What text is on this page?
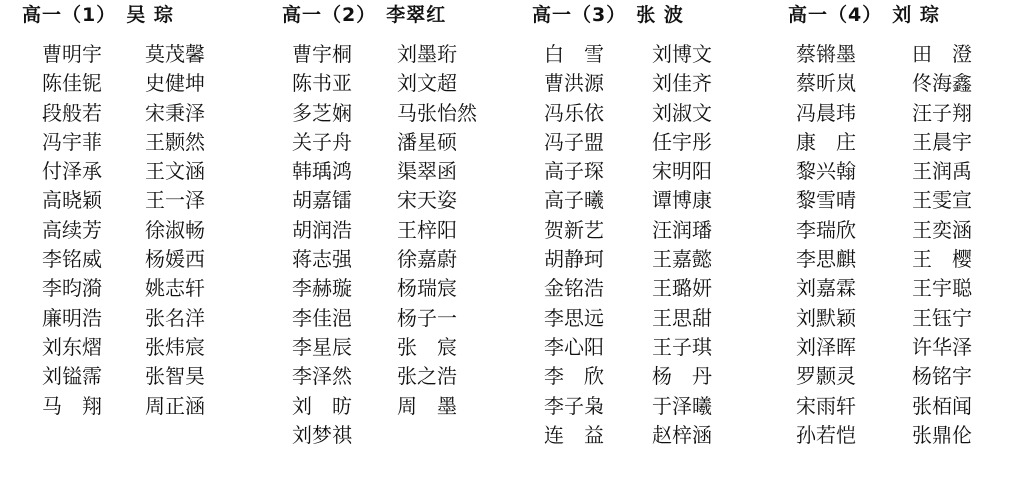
高一（1） 吴 琮
曹明宇
陈佳铌
段般若
冯宇菲
付泽承
高晓颖
高续芳
李铭威
李昀漪
廉明浩
刘东熠
刘镒霈
马　翔
莫茂馨
史健坤
宋秉泽
王颢然
王文涵
王一泽
徐淑畅
杨媛西
姚志轩
张名洋
张炜宸
张智昊
周正涵
高一（2） 李翠红
曹宇桐
陈书亚
多芝娴
关子舟
韩瑀鸿
胡嘉镭
胡润浩
蒋志强
李赫璇
李佳浥
李星辰
李泽然
刘　昉
刘梦祺
刘墨珩
刘文超
马张怡然
潘星硕
渠翠函
宋天姿
王梓阳
徐嘉蔚
杨瑞宸
杨子一
张　宸
张之浩
周　墨
高一（3） 张 波
白　雪
曹洪源
冯乐依
冯子盟
高子琛
高子曦
贺新艺
胡静珂
金铭浩
李思远
李心阳
李　欣
李子枭
连　益
刘博文
刘佳齐
刘淑文
任宇彤
宋明阳
谭博康
汪润璠
王嘉懿
王璐妍
王思甜
王子琪
杨　丹
于泽曦
赵梓涵
高一（4） 刘 琮
蔡锵墨
蔡昕岚
冯晨玮
康　庄
黎兴翰
黎雪晴
李瑞欣
李思麒
刘嘉霖
刘默颖
刘泽晖
罗颢灵
宋雨轩
孙若恺
田　澄
佟海鑫
汪子翔
王晨宇
王润禹
王雯宣
王奕涵
王　樱
王宇聪
王钰宁
许华泽
杨铭宇
张栢闻
张鼎伦
